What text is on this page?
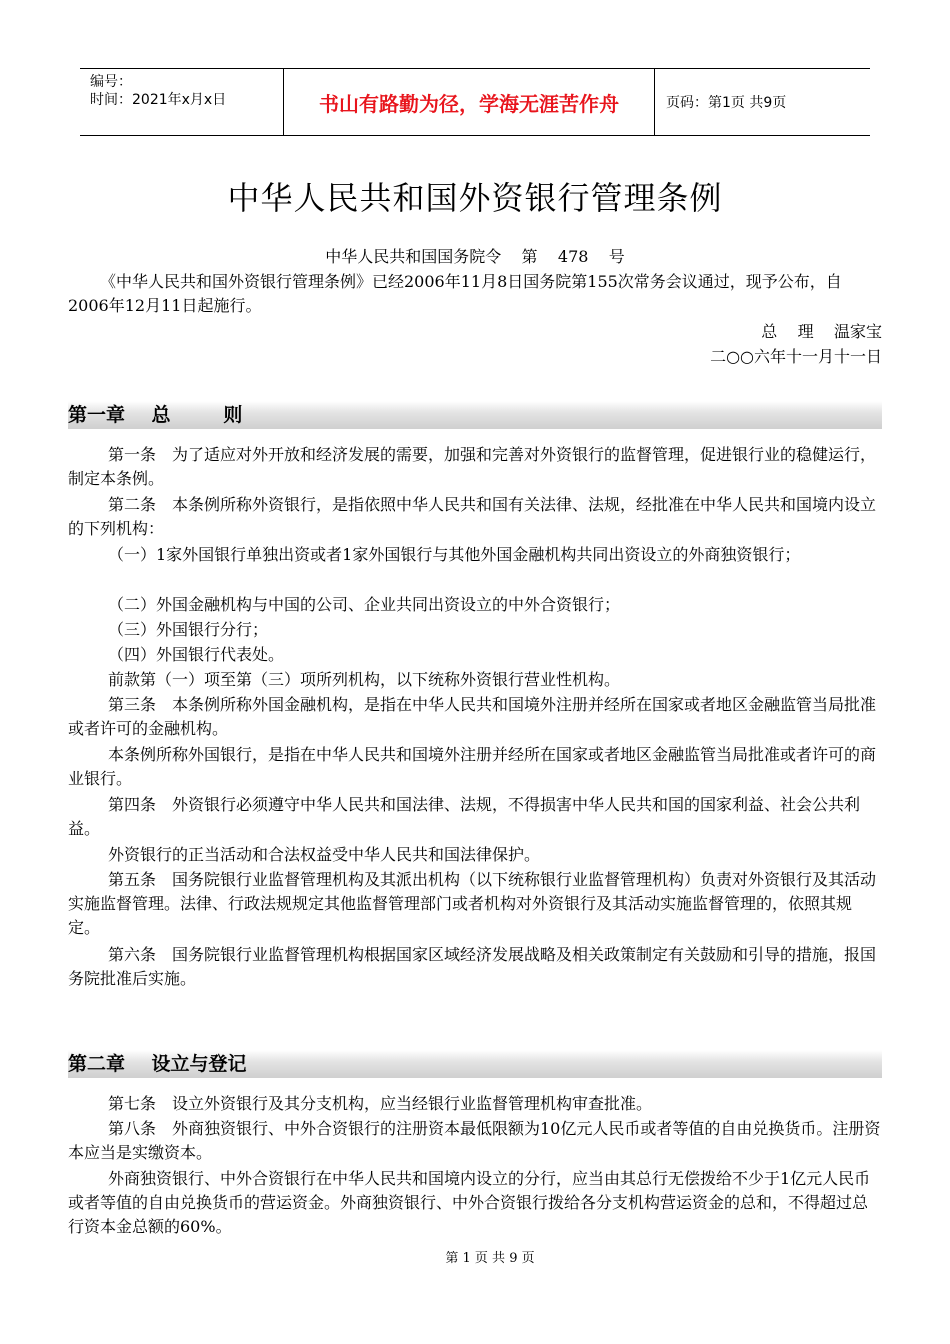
编号：
时间：2021年x月x日	书山有路勤为径，学海无涯苦作舟	页码：第1页 共9页
中华人民共和国外资银行管理条例
中华人民共和国国务院令    第    478    号
《中华人民共和国外资银行管理条例》已经2006年11月8日国务院第155次常务会议通过，现予公布，自2006年12月11日起施行。
总    理    温家宝
二○○六年十一月十一日
第一章    总        则
第一条　为了适应对外开放和经济发展的需要，加强和完善对外资银行的监督管理，促进银行业的稳健运行，制定本条例。
第二条　本条例所称外资银行，是指依照中华人民共和国有关法律、法规，经批准在中华人民共和国境内设立的下列机构：
（一）1家外国银行单独出资或者1家外国银行与其他外国金融机构共同出资设立的外商独资银行；
（二）外国金融机构与中国的公司、企业共同出资设立的中外合资银行；
（三）外国银行分行；
（四）外国银行代表处。
前款第（一）项至第（三）项所列机构，以下统称外资银行营业性机构。
第三条　本条例所称外国金融机构，是指在中华人民共和国境外注册并经所在国家或者地区金融监管当局批准或者许可的金融机构。
本条例所称外国银行，是指在中华人民共和国境外注册并经所在国家或者地区金融监管当局批准或者许可的商业银行。
第四条　外资银行必须遵守中华人民共和国法律、法规，不得损害中华人民共和国的国家利益、社会公共利益。
外资银行的正当活动和合法权益受中华人民共和国法律保护。
第五条　国务院银行业监督管理机构及其派出机构（以下统称银行业监督管理机构）负责对外资银行及其活动实施监督管理。法律、行政法规规定其他监督管理部门或者机构对外资银行及其活动实施监督管理的，依照其规定。
第六条　国务院银行业监督管理机构根据国家区域经济发展战略及相关政策制定有关鼓励和引导的措施，报国务院批准后实施。
第二章    设立与登记
第七条　设立外资银行及其分支机构，应当经银行业监督管理机构审查批准。
第八条　外商独资银行、中外合资银行的注册资本最低限额为10亿元人民币或者等值的自由兑换货币。注册资本应当是实缴资本。
外商独资银行、中外合资银行在中华人民共和国境内设立的分行，应当由其总行无偿拨给不少于1亿元人民币或者等值的自由兑换货币的营运资金。外商独资银行、中外合资银行拨给各分支机构营运资金的总和，不得超过总行资本金总额的60%。
第 1 页 共 9 页
